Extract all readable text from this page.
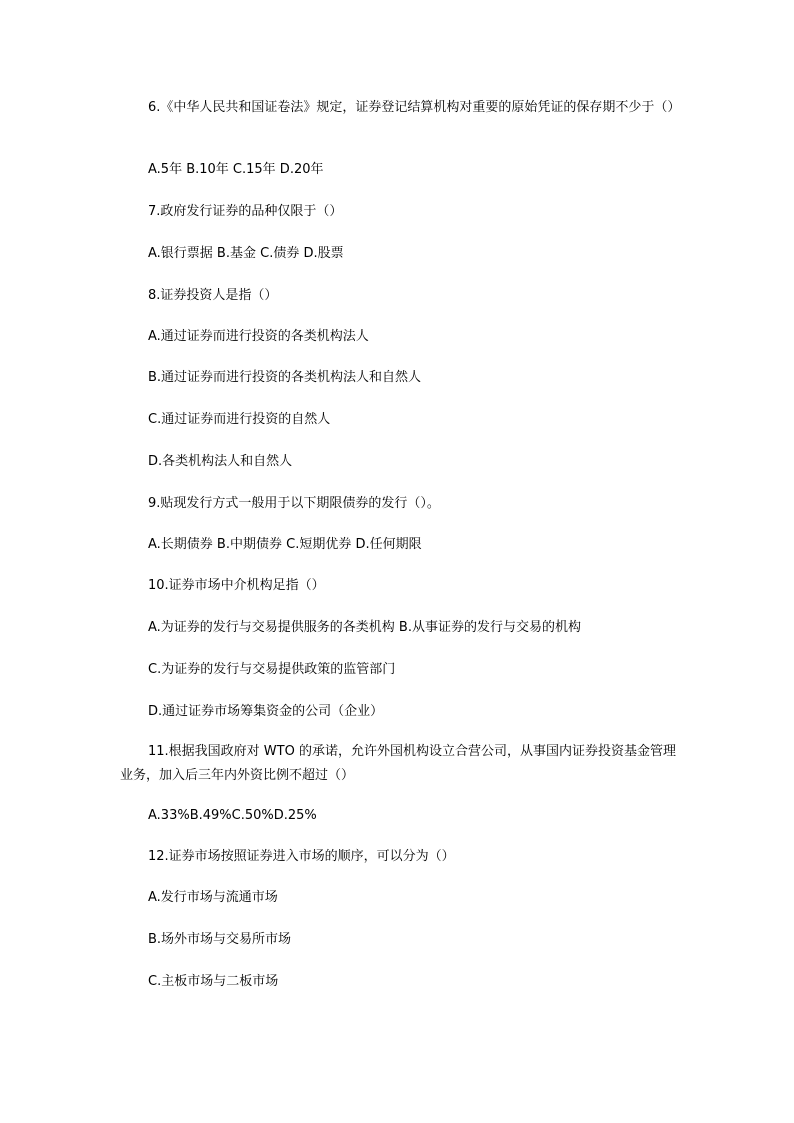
6.《中华人民共和国证卷法》规定，证券登记结算机构对重要的原始凭证的保存期不少于（）
A.5年 B.10年 C.15年 D.20年
7.政府发行证券的品种仅限于（）
A.银行票据 B.基金 C.债券 D.股票
8.证券投资人是指（）
A.通过证券而进行投资的各类机构法人
B.通过证券而进行投资的各类机构法人和自然人
C.通过证券而进行投资的自然人
D.各类机构法人和自然人
9.贴现发行方式一般用于以下期限债券的发行（）。
A.长期债券 B.中期债券 C.短期优券 D.任何期限
10.证券市场中介机构足指（）
A.为证券的发行与交易提供服务的各类机构 B.从事证券的发行与交易的机构
C.为证券的发行与交易提供政策的监管部门
D.通过证券市场筹集资金的公司（企业）
11.根据我国政府对 WTO 的承诺，允许外国机构设立合营公司，从事国内证券投资基金管理业务，加入后三年内外资比例不超过（）
A.33%B.49%C.50%D.25%
12.证券市场按照证券进入市场的顺序，可以分为（）
A.发行市场与流通市场
B.场外市场与交易所市场
C.主板市场与二板市场
